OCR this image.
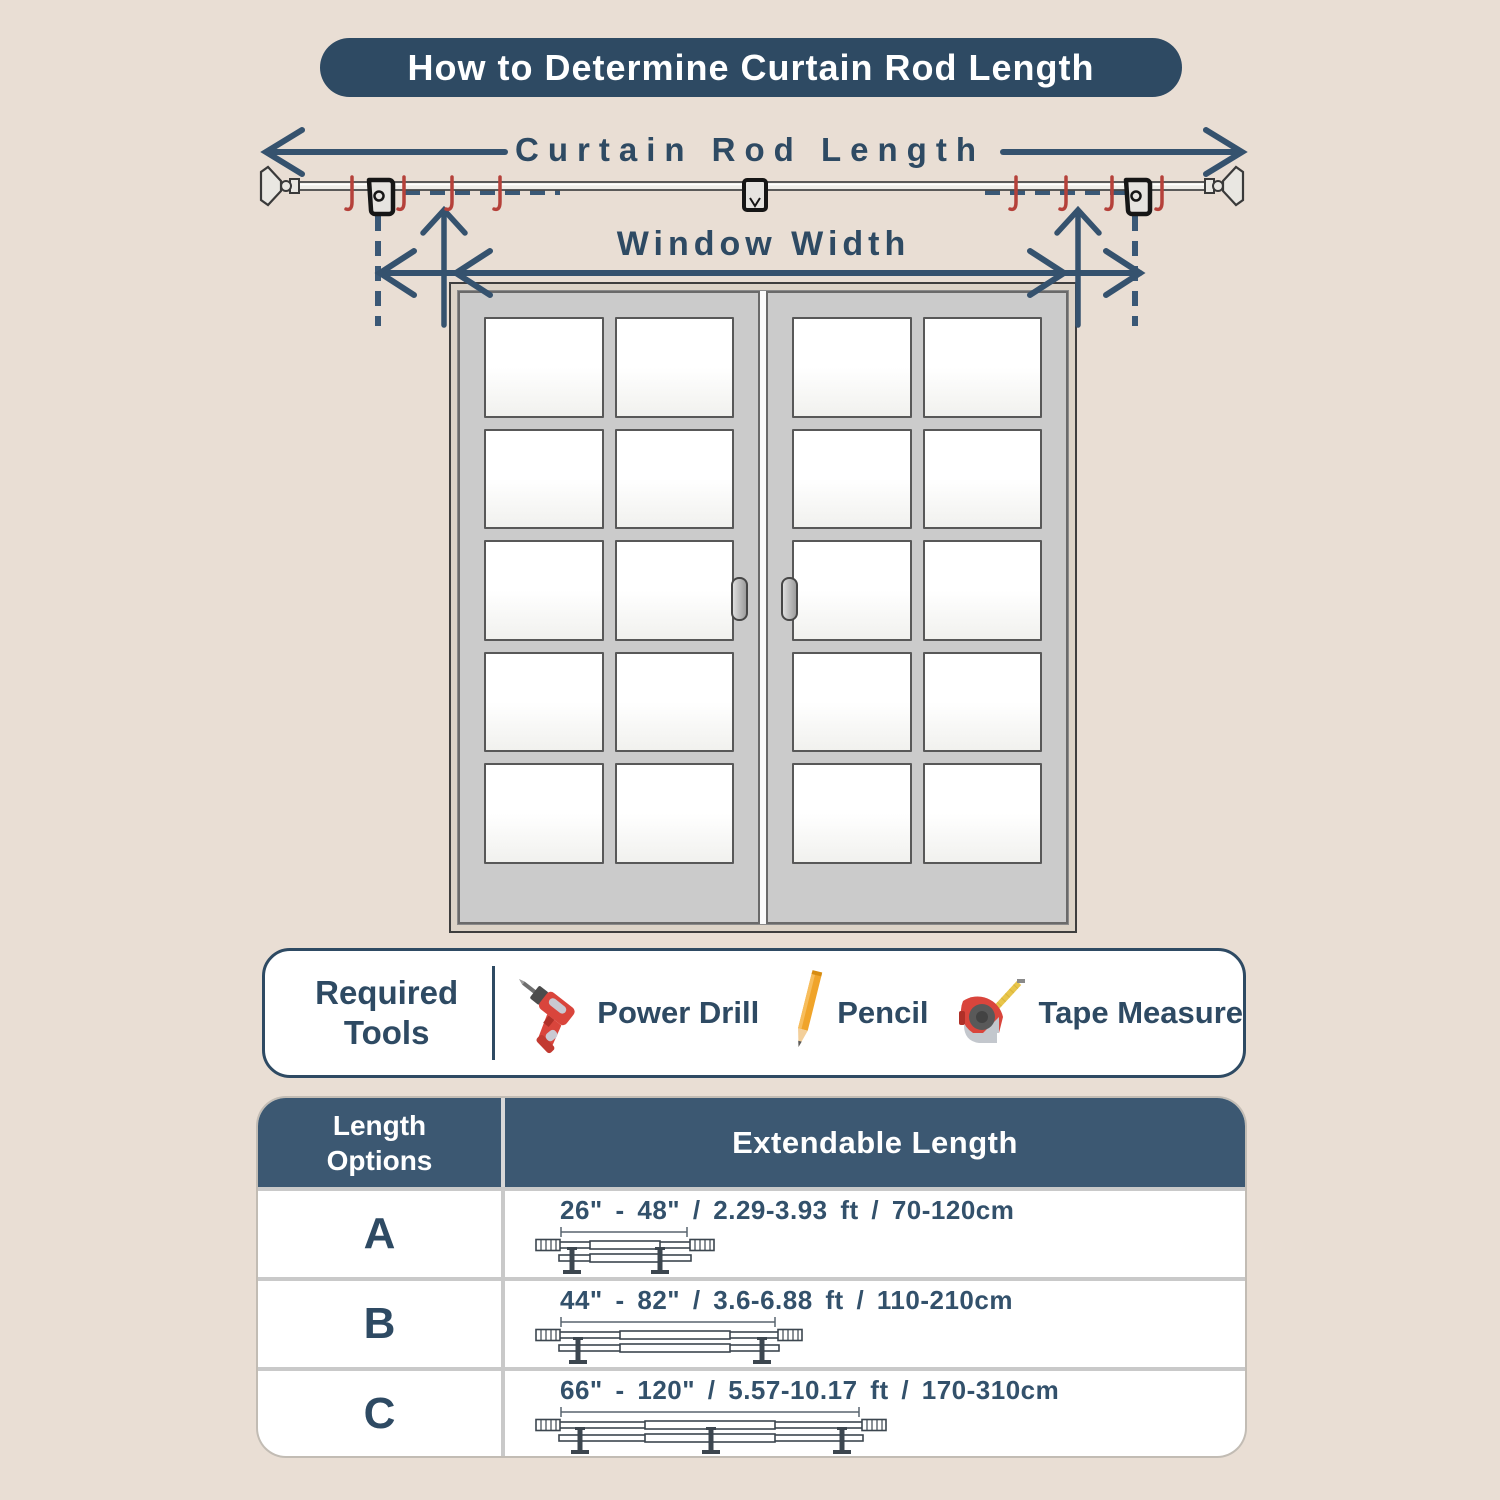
How to Determine Curtain Rod Length
Curtain Rod Length
Window Width
Required
Tools
Power Drill	Pencil	Tape Measure
Length
Options
Extendable Length
A	26" - 48" / 2.29-3.93 ft / 70-120cm
B	44" - 82" / 3.6-6.88 ft / 110-210cm
C	66" - 120" / 5.57-10.17 ft / 170-310cm
